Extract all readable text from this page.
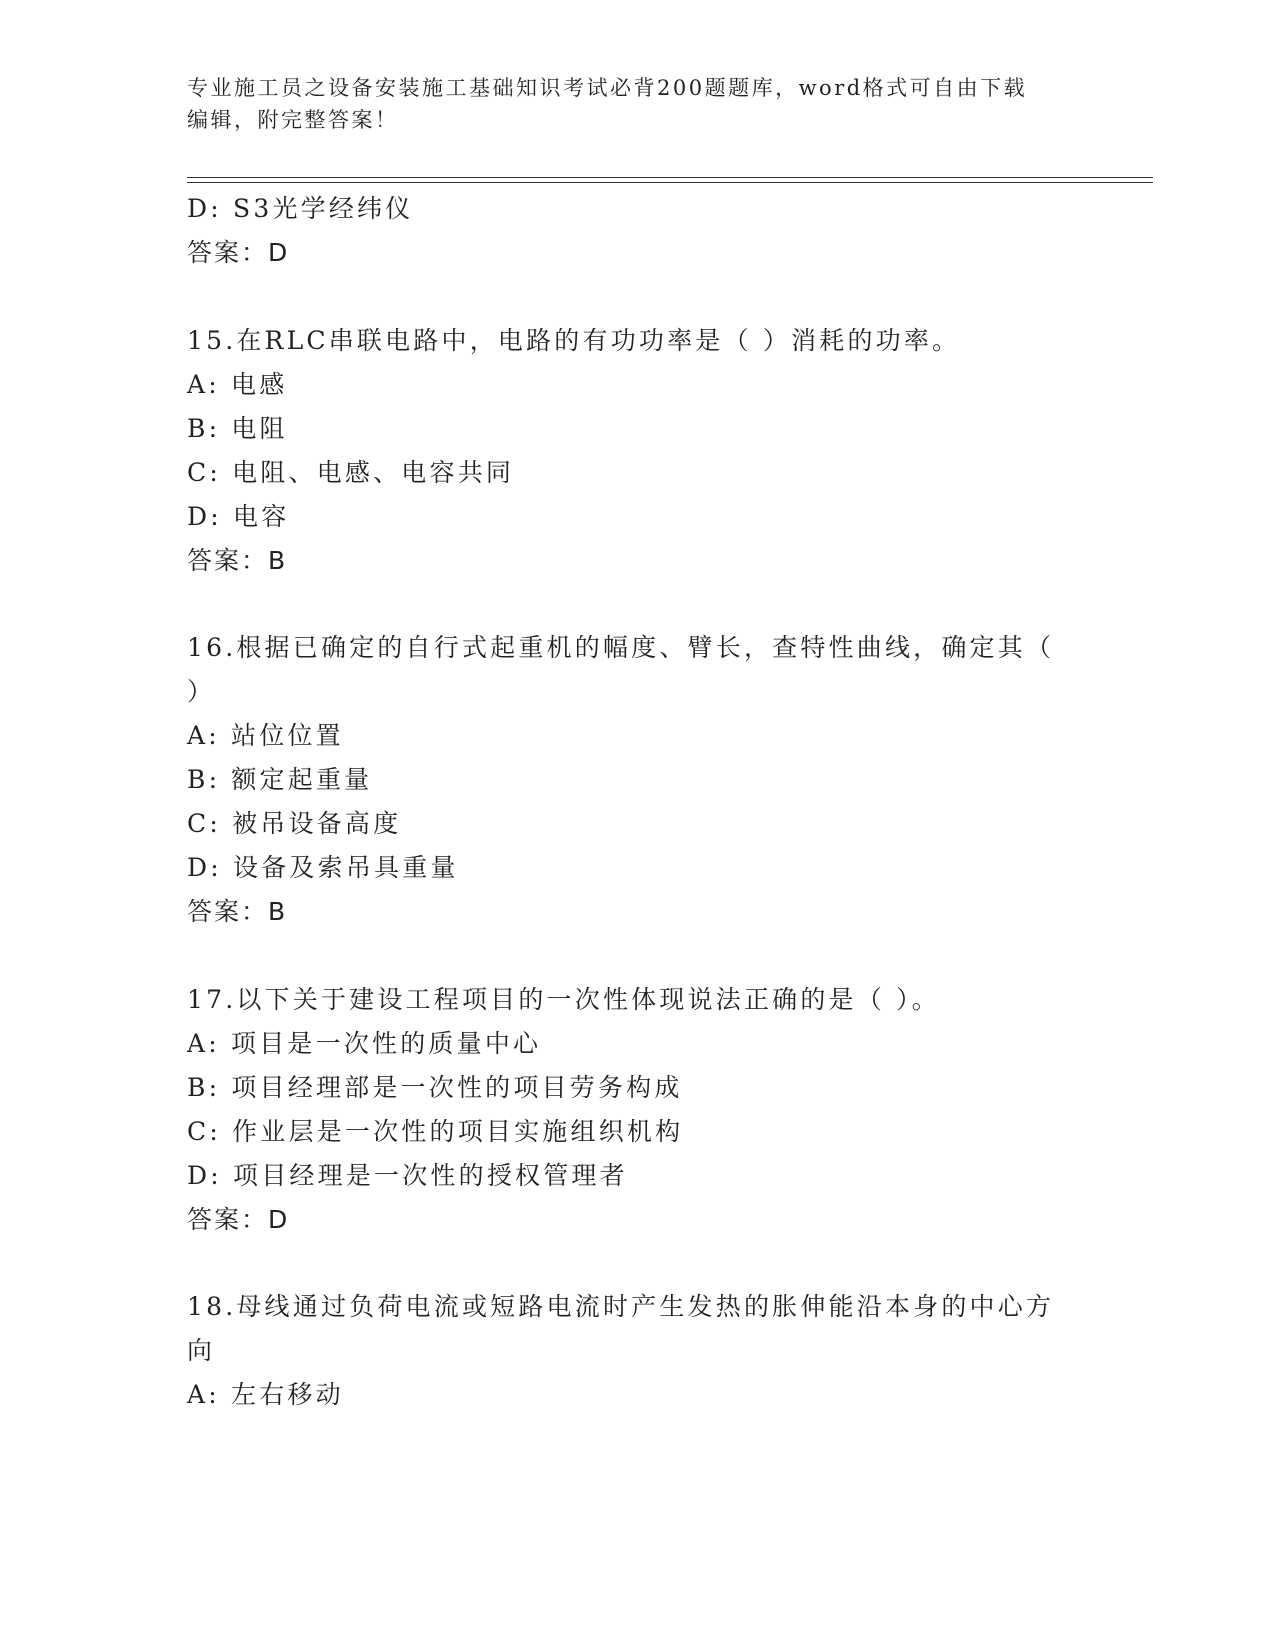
专业施工员之设备安装施工基础知识考试必背200题题库，word格式可自由下载
编辑，附完整答案！
D: S3光学经纬仪
答案：D
15.在RLC串联电路中，电路的有功功率是（ ）消耗的功率。
A: 电感
B: 电阻
C: 电阻、电感、电容共同
D: 电容
答案：B
16.根据已确定的自行式起重机的幅度、臂长，查特性曲线，确定其（
）
A: 站位位置
B: 额定起重量
C: 被吊设备高度
D: 设备及索吊具重量
答案：B
17.以下关于建设工程项目的一次性体现说法正确的是（ ）。
A: 项目是一次性的质量中心
B: 项目经理部是一次性的项目劳务构成
C: 作业层是一次性的项目实施组织机构
D: 项目经理是一次性的授权管理者
答案：D
18.母线通过负荷电流或短路电流时产生发热的胀伸能沿本身的中心方
向
A: 左右移动
